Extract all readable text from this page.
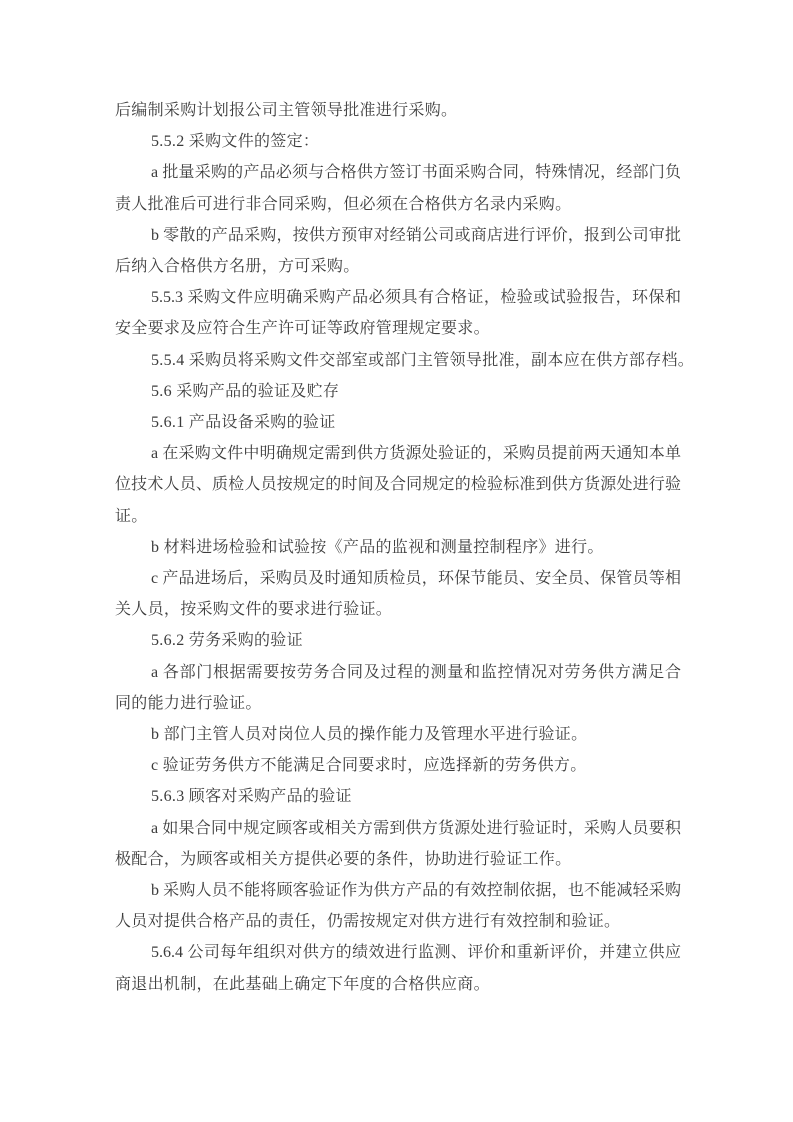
后编制采购计划报公司主管领导批准进行采购。
5.5.2 采购文件的签定：
a 批量采购的产品必须与合格供方签订书面采购合同，特殊情况，经部门负
责人批准后可进行非合同采购，但必须在合格供方名录内采购。
b 零散的产品采购，按供方预审对经销公司或商店进行评价，报到公司审批
后纳入合格供方名册，方可采购。
5.5.3 采购文件应明确采购产品必须具有合格证，检验或试验报告，环保和
安全要求及应符合生产许可证等政府管理规定要求。
5.5.4 采购员将采购文件交部室或部门主管领导批准，副本应在供方部存档。
5.6 采购产品的验证及贮存
5.6.1 产品设备采购的验证
a 在采购文件中明确规定需到供方货源处验证的，采购员提前两天通知本单
位技术人员、质检人员按规定的时间及合同规定的检验标准到供方货源处进行验
证。
b 材料进场检验和试验按《产品的监视和测量控制程序》进行。
c 产品进场后，采购员及时通知质检员，环保节能员、安全员、保管员等相
关人员，按采购文件的要求进行验证。
5.6.2 劳务采购的验证
a 各部门根据需要按劳务合同及过程的测量和监控情况对劳务供方满足合
同的能力进行验证。
b 部门主管人员对岗位人员的操作能力及管理水平进行验证。
c 验证劳务供方不能满足合同要求时，应选择新的劳务供方。
5.6.3 顾客对采购产品的验证
a 如果合同中规定顾客或相关方需到供方货源处进行验证时，采购人员要积
极配合，为顾客或相关方提供必要的条件，协助进行验证工作。
b 采购人员不能将顾客验证作为供方产品的有效控制依据，也不能减轻采购
人员对提供合格产品的责任，仍需按规定对供方进行有效控制和验证。
5.6.4 公司每年组织对供方的绩效进行监测、评价和重新评价，并建立供应
商退出机制，在此基础上确定下年度的合格供应商。
